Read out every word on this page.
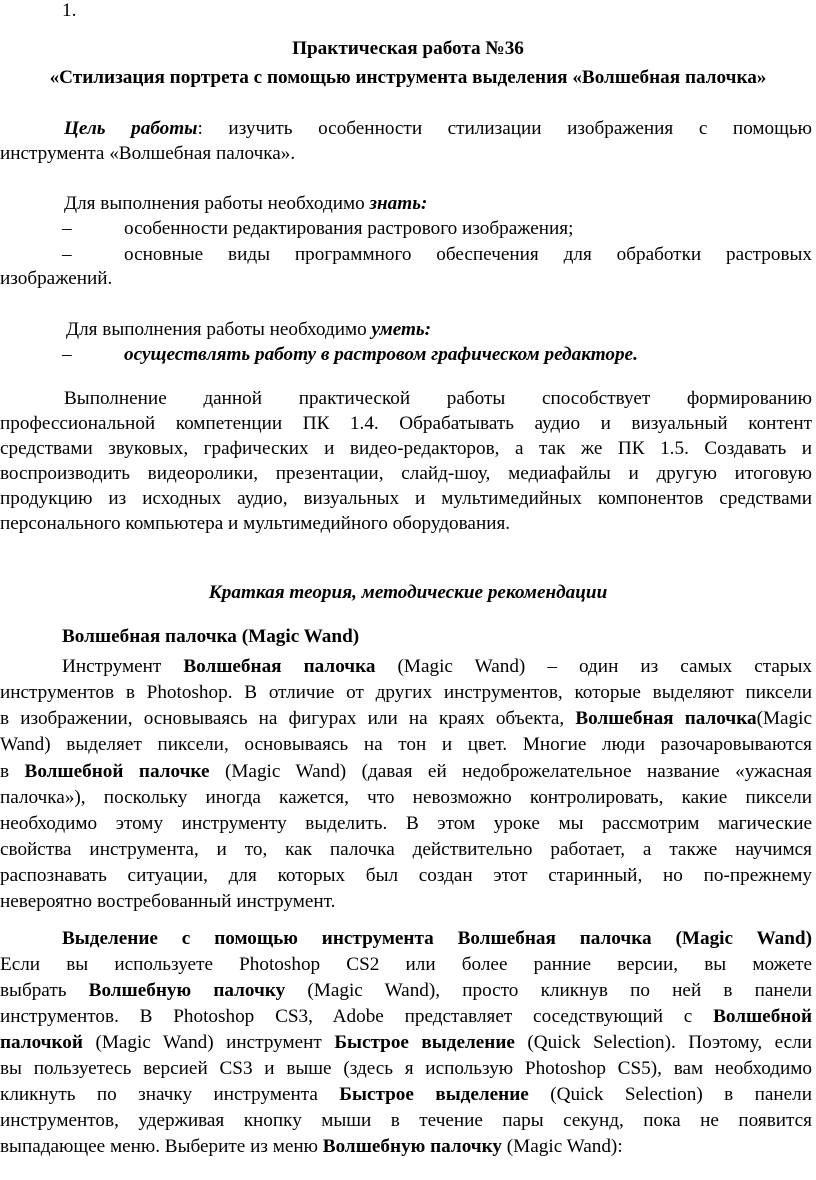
1.
Практическая работа №36
«Стилизация портрета с помощью инструмента выделения «Волшебная палочка»
Цель работы: изучить особенности стилизации изображения с помощью
инструмента «Волшебная палочка».
Для выполнения работы необходимо знать:
–	особенности редактирования растрового изображения;
–	основные виды программного обеспечения для обработки растровых
изображений.
Для выполнения работы необходимо уметь:
–	осуществлять работу в растровом графическом редакторе.
Выполнение данной практической работы способствует формированию
профессиональной компетенции ПК 1.4. Обрабатывать аудио и визуальный контент
средствами звуковых, графических и видео-редакторов, а так же ПК 1.5. Создавать и
воспроизводить видеоролики, презентации, слайд-шоу, медиафайлы и другую итоговую
продукцию из исходных аудио, визуальных и мультимедийных компонентов средствами
персонального компьютера и мультимедийного оборудования.
Краткая теория, методические рекомендации
Волшебная палочка (Magic Wand)
Инструмент Волшебная палочка (Magic Wand) – один из самых старых
инструментов в Photoshop. В отличие от других инструментов, которые выделяют пиксели
в изображении, основываясь на фигурах или на краях объекта, Волшебная палочка(Magic
Wand) выделяет пиксели, основываясь на тон и цвет. Многие люди разочаровываются
в Волшебной палочке (Magic Wand) (давая ей недоброжелательное название «ужасная
палочка»), поскольку иногда кажется, что невозможно контролировать, какие пиксели
необходимо этому инструменту выделить. В этом уроке мы рассмотрим магические
свойства инструмента, и то, как палочка действительно работает, а также научимся
распознавать ситуации, для которых был создан этот старинный, но по-прежнему
невероятно востребованный инструмент.
Выделение с помощью инструмента Волшебная палочка (Magic Wand)
Если вы используете Photoshop CS2 или более ранние версии, вы можете
выбрать Волшебную палочку (Magic Wand), просто кликнув по ней в панели
инструментов. В Photoshop CS3, Adobe представляет соседствующий с Волшебной
палочкой (Magic Wand) инструмент Быстрое выделение (Quick Selection). Поэтому, если
вы пользуетесь версией CS3 и выше (здесь я использую Photoshop CS5), вам необходимо
кликнуть по значку инструмента Быстрое выделение (Quick Selection) в панели
инструментов, удерживая кнопку мыши в течение пары секунд, пока не появится
выпадающее меню. Выберите из меню Волшебную палочку (Magic Wand):
